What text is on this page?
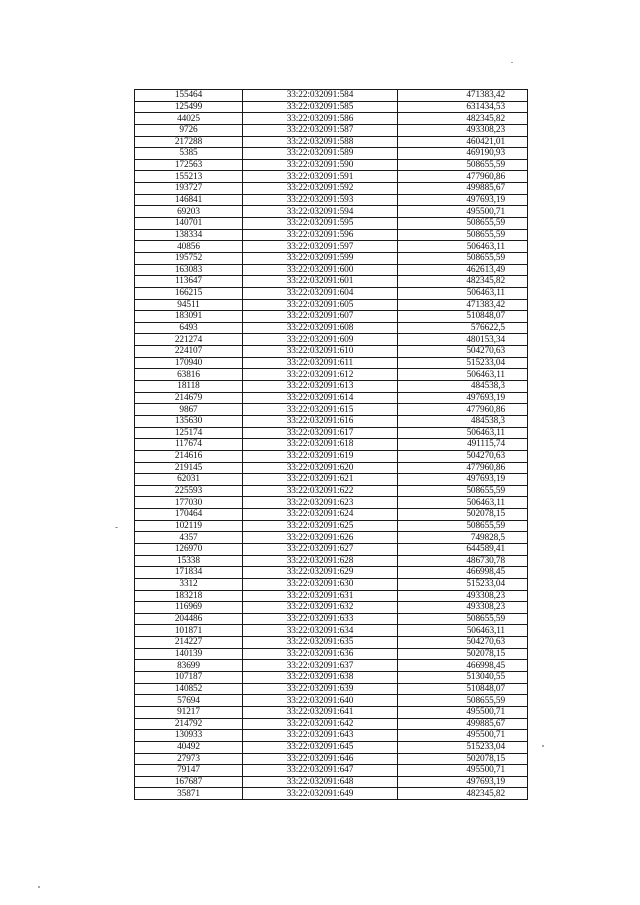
155464	33:22:032091:584	471383,42
125499	33:22:032091:585	631434,53
44025	33:22:032091:586	482345,82
9726	33:22:032091:587	493308,23
217288	33:22:032091:588	460421,01
5385	33:22:032091:589	469190,93
172563	33:22:032091:590	508655,59
155213	33:22:032091:591	477960,86
193727	33:22:032091:592	499885,67
146841	33:22:032091:593	497693,19
69203	33:22:032091:594	495500,71
140701	33:22:032091:595	508655,59
138334	33:22:032091:596	508655,59
40856	33:22:032091:597	506463,11
195752	33:22:032091:599	508655,59
163083	33:22:032091:600	462613,49
113647	33:22:032091:601	482345,82
166215	33:22:032091:604	506463,11
94511	33:22:032091:605	471383,42
183091	33:22:032091:607	510848,07
6493	33:22:032091:608	576622,5
221274	33:22:032091:609	480153,34
224107	33:22:032091:610	504270,63
170940	33:22:032091:611	515233,04
63816	33:22:032091:612	506463,11
18118	33:22:032091:613	484538,3
214679	33:22:032091:614	497693,19
9867	33:22:032091:615	477960,86
135630	33:22:032091:616	484538,3
125174	33:22:032091:617	506463,11
117674	33:22:032091:618	491115,74
214616	33:22:032091:619	504270,63
219145	33:22:032091:620	477960,86
62031	33:22:032091:621	497693,19
225593	33:22:032091:622	508655,59
177030	33:22:032091:623	506463,11
170464	33:22:032091:624	502078,15
102119	33:22:032091:625	508655,59
4357	33:22:032091:626	749828,5
126970	33:22:032091:627	644589,41
15338	33:22:032091:628	486730,78
171834	33:22:032091:629	466998,45
3312	33:22:032091:630	515233,04
183218	33:22:032091:631	493308,23
116969	33:22:032091:632	493308,23
204486	33:22:032091:633	508655,59
101871	33:22:032091:634	506463,11
214227	33:22:032091:635	504270,63
140139	33:22:032091:636	502078,15
83699	33:22:032091:637	466998,45
107187	33:22:032091:638	513040,55
140852	33:22:032091:639	510848,07
57694	33:22:032091:640	508655,59
91217	33:22:032091:641	495500,71
214792	33:22:032091:642	499885,67
130933	33:22:032091:643	495500,71
40492	33:22:032091:645	515233,04
27973	33:22:032091:646	502078,15
79147	33:22:032091:647	495500,71
167687	33:22:032091:648	497693,19
35871	33:22:032091:649	482345,82
